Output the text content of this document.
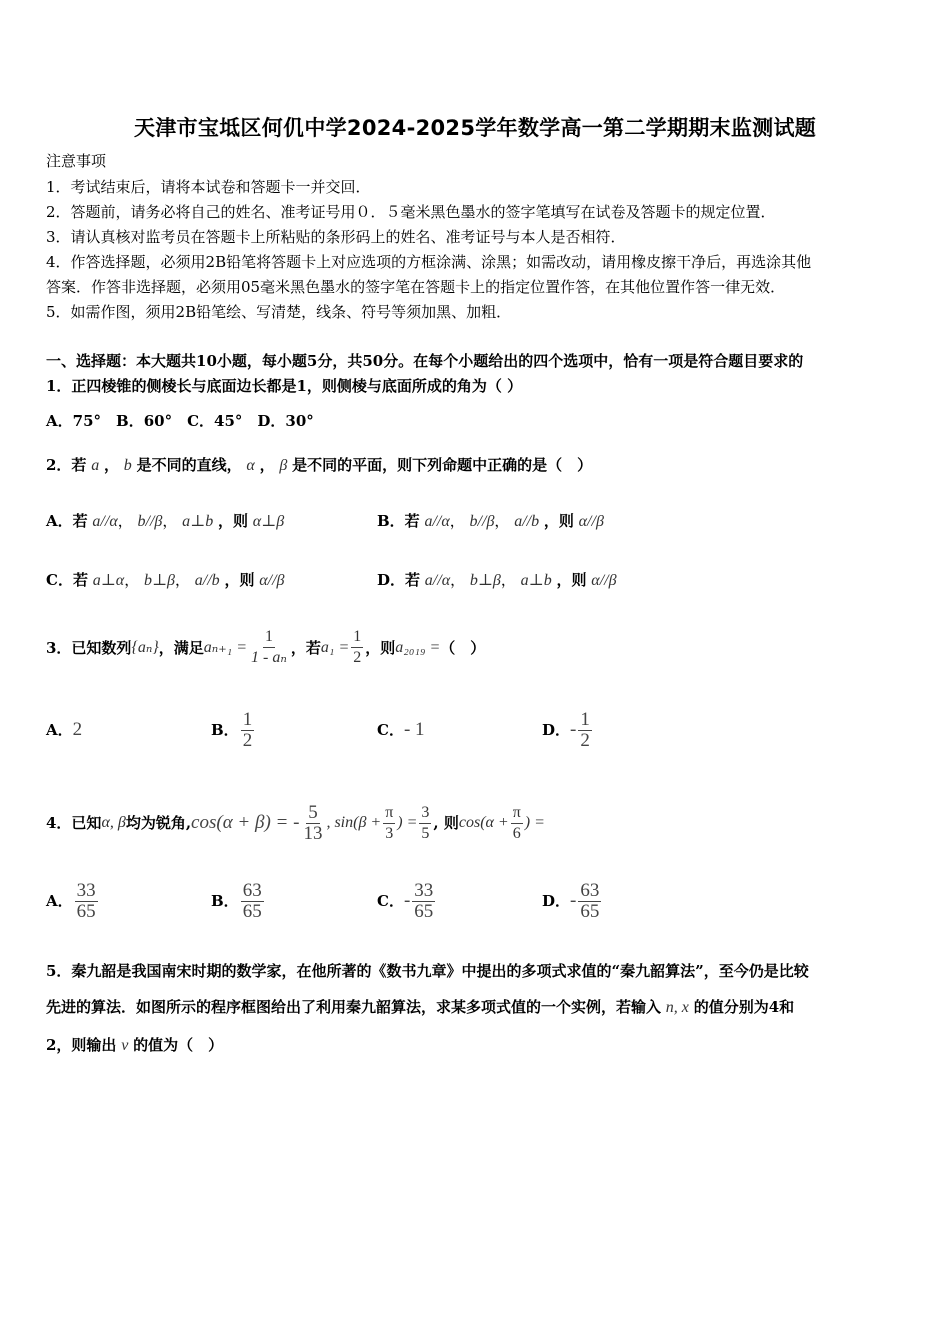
天津市宝坻区何仉中学2024-2025学年数学高一第二学期期末监测试题
注意事项
1．考试结束后，请将本试卷和答题卡一并交回．
2．答题前，请务必将自己的姓名、准考证号用０．５毫米黑色墨水的签字笔填写在试卷及答题卡的规定位置．
3．请认真核对监考员在答题卡上所粘贴的条形码上的姓名、准考证号与本人是否相符．
4．作答选择题，必须用2B铅笔将答题卡上对应选项的方框涂满、涂黑；如需改动，请用橡皮擦干净后，再选涂其他
答案．作答非选择题，必须用05毫米黑色墨水的签字笔在答题卡上的指定位置作答，在其他位置作答一律无效．
5．如需作图，须用2B铅笔绘、写清楚，线条、符号等须加黑、加粗．
一、选择题：本大题共10小题，每小题5分，共50分。在每个小题给出的四个选项中，恰有一项是符合题目要求的
1．正四棱锥的侧棱长与底面边长都是1，则侧棱与底面所成的角为（ ）
A．75°　B．60°　C．45°　D．30°
2．若 a ， b 是不同的直线， α ， β 是不同的平面，则下列命题中正确的是（　）
A．若 a//α， b//β， a⊥b ，则 α⊥β	B．若 a//α， b//β， a//b ，则 α//β
C．若 a⊥α， b⊥β， a//b ，则 α//β	D．若 a//α， b⊥β， a⊥b ，则 α//β
3．已知数列 {aₙ} ，满足 $a_{n+1} = \frac{1}{\text{1 - aₙ}}$ ，若 $a_1 = \frac{1}{2}$ ，则 a₂₀₁₉ = （　）
A． 2	B． $\frac{1}{2}$	C． - 1	D． - $\frac{1}{2}$
4．已知 α, β 均为锐角, cos(α + β) = - $\frac{5}{13}$ , $\sin(\beta + \frac{\pi}{3}$ ) = $\frac{3}{5}$ , 则 $\cos(\alpha + \frac{\pi}{6}$ ) =
A． $\frac{33}{65}$	B． $\frac{63}{65}$	C． - $\frac{33}{65}$	D． - $\frac{63}{65}$
5．秦九韶是我国南宋时期的数学家，在他所著的《数书九章》中提出的多项式求值的“秦九韶算法”，至今仍是比较
先进的算法．如图所示的程序框图给出了利用秦九韶算法，求某多项式值的一个实例，若输入 n, x 的值分别为4和
2，则输出 v 的值为（　）
